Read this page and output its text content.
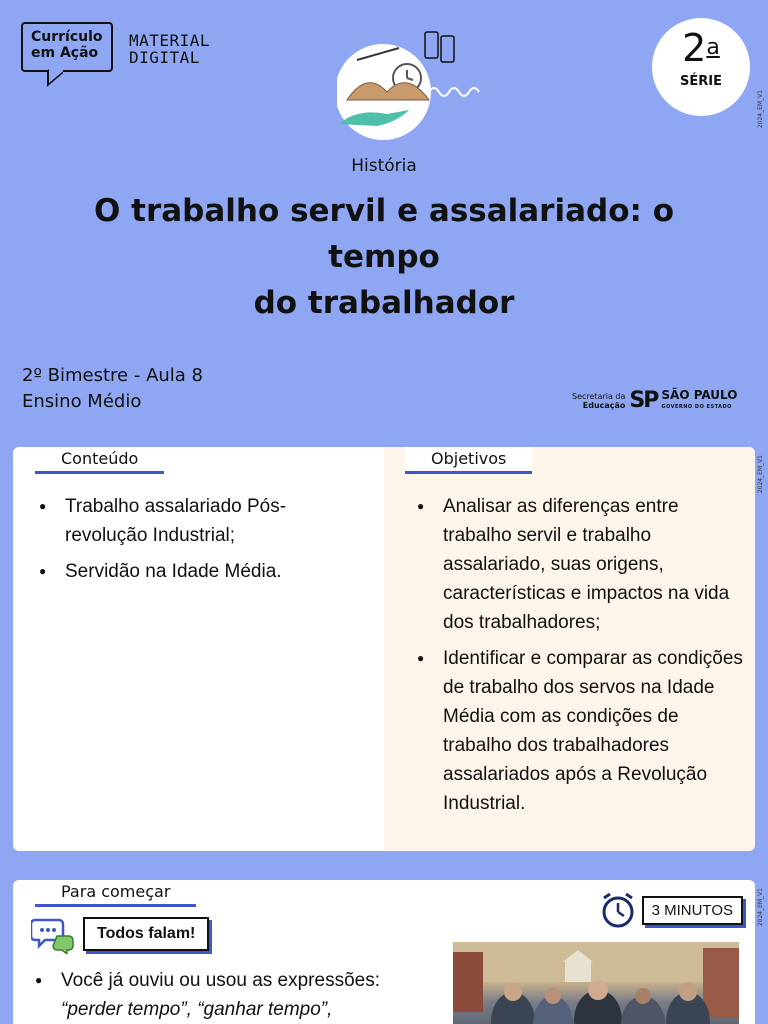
Currículo
em Ação
MATERIAL
DIGITAL	2$^a$
SÉRIE
2024_EM_V1
2024_EM_V1
2024_EM_V1
História
O trabalho servil e assalariado: o tempo
do trabalhador
2º Bimestre - Aula 8
Ensino Médio	Secretaria da
Educação SP SÃO PAULO
GOVERNO DO ESTADO
Conteúdo	Objetivos
● Trabalho assalariado Pós-revolução Industrial;
● Servidão na Idade Média.
● Analisar as diferenças entre trabalho servil e trabalho assalariado, suas origens, características e impactos na vida dos trabalhadores;
● Identificar e comparar as condições de trabalho dos servos na Idade Média com as condições de trabalho dos trabalhadores assalariados após a Revolução Industrial.
Para começar
Todos falam!
3 MINUTOS
● Você já ouviu ou usou as expressões:
“perder tempo”, “ganhar tempo”,
